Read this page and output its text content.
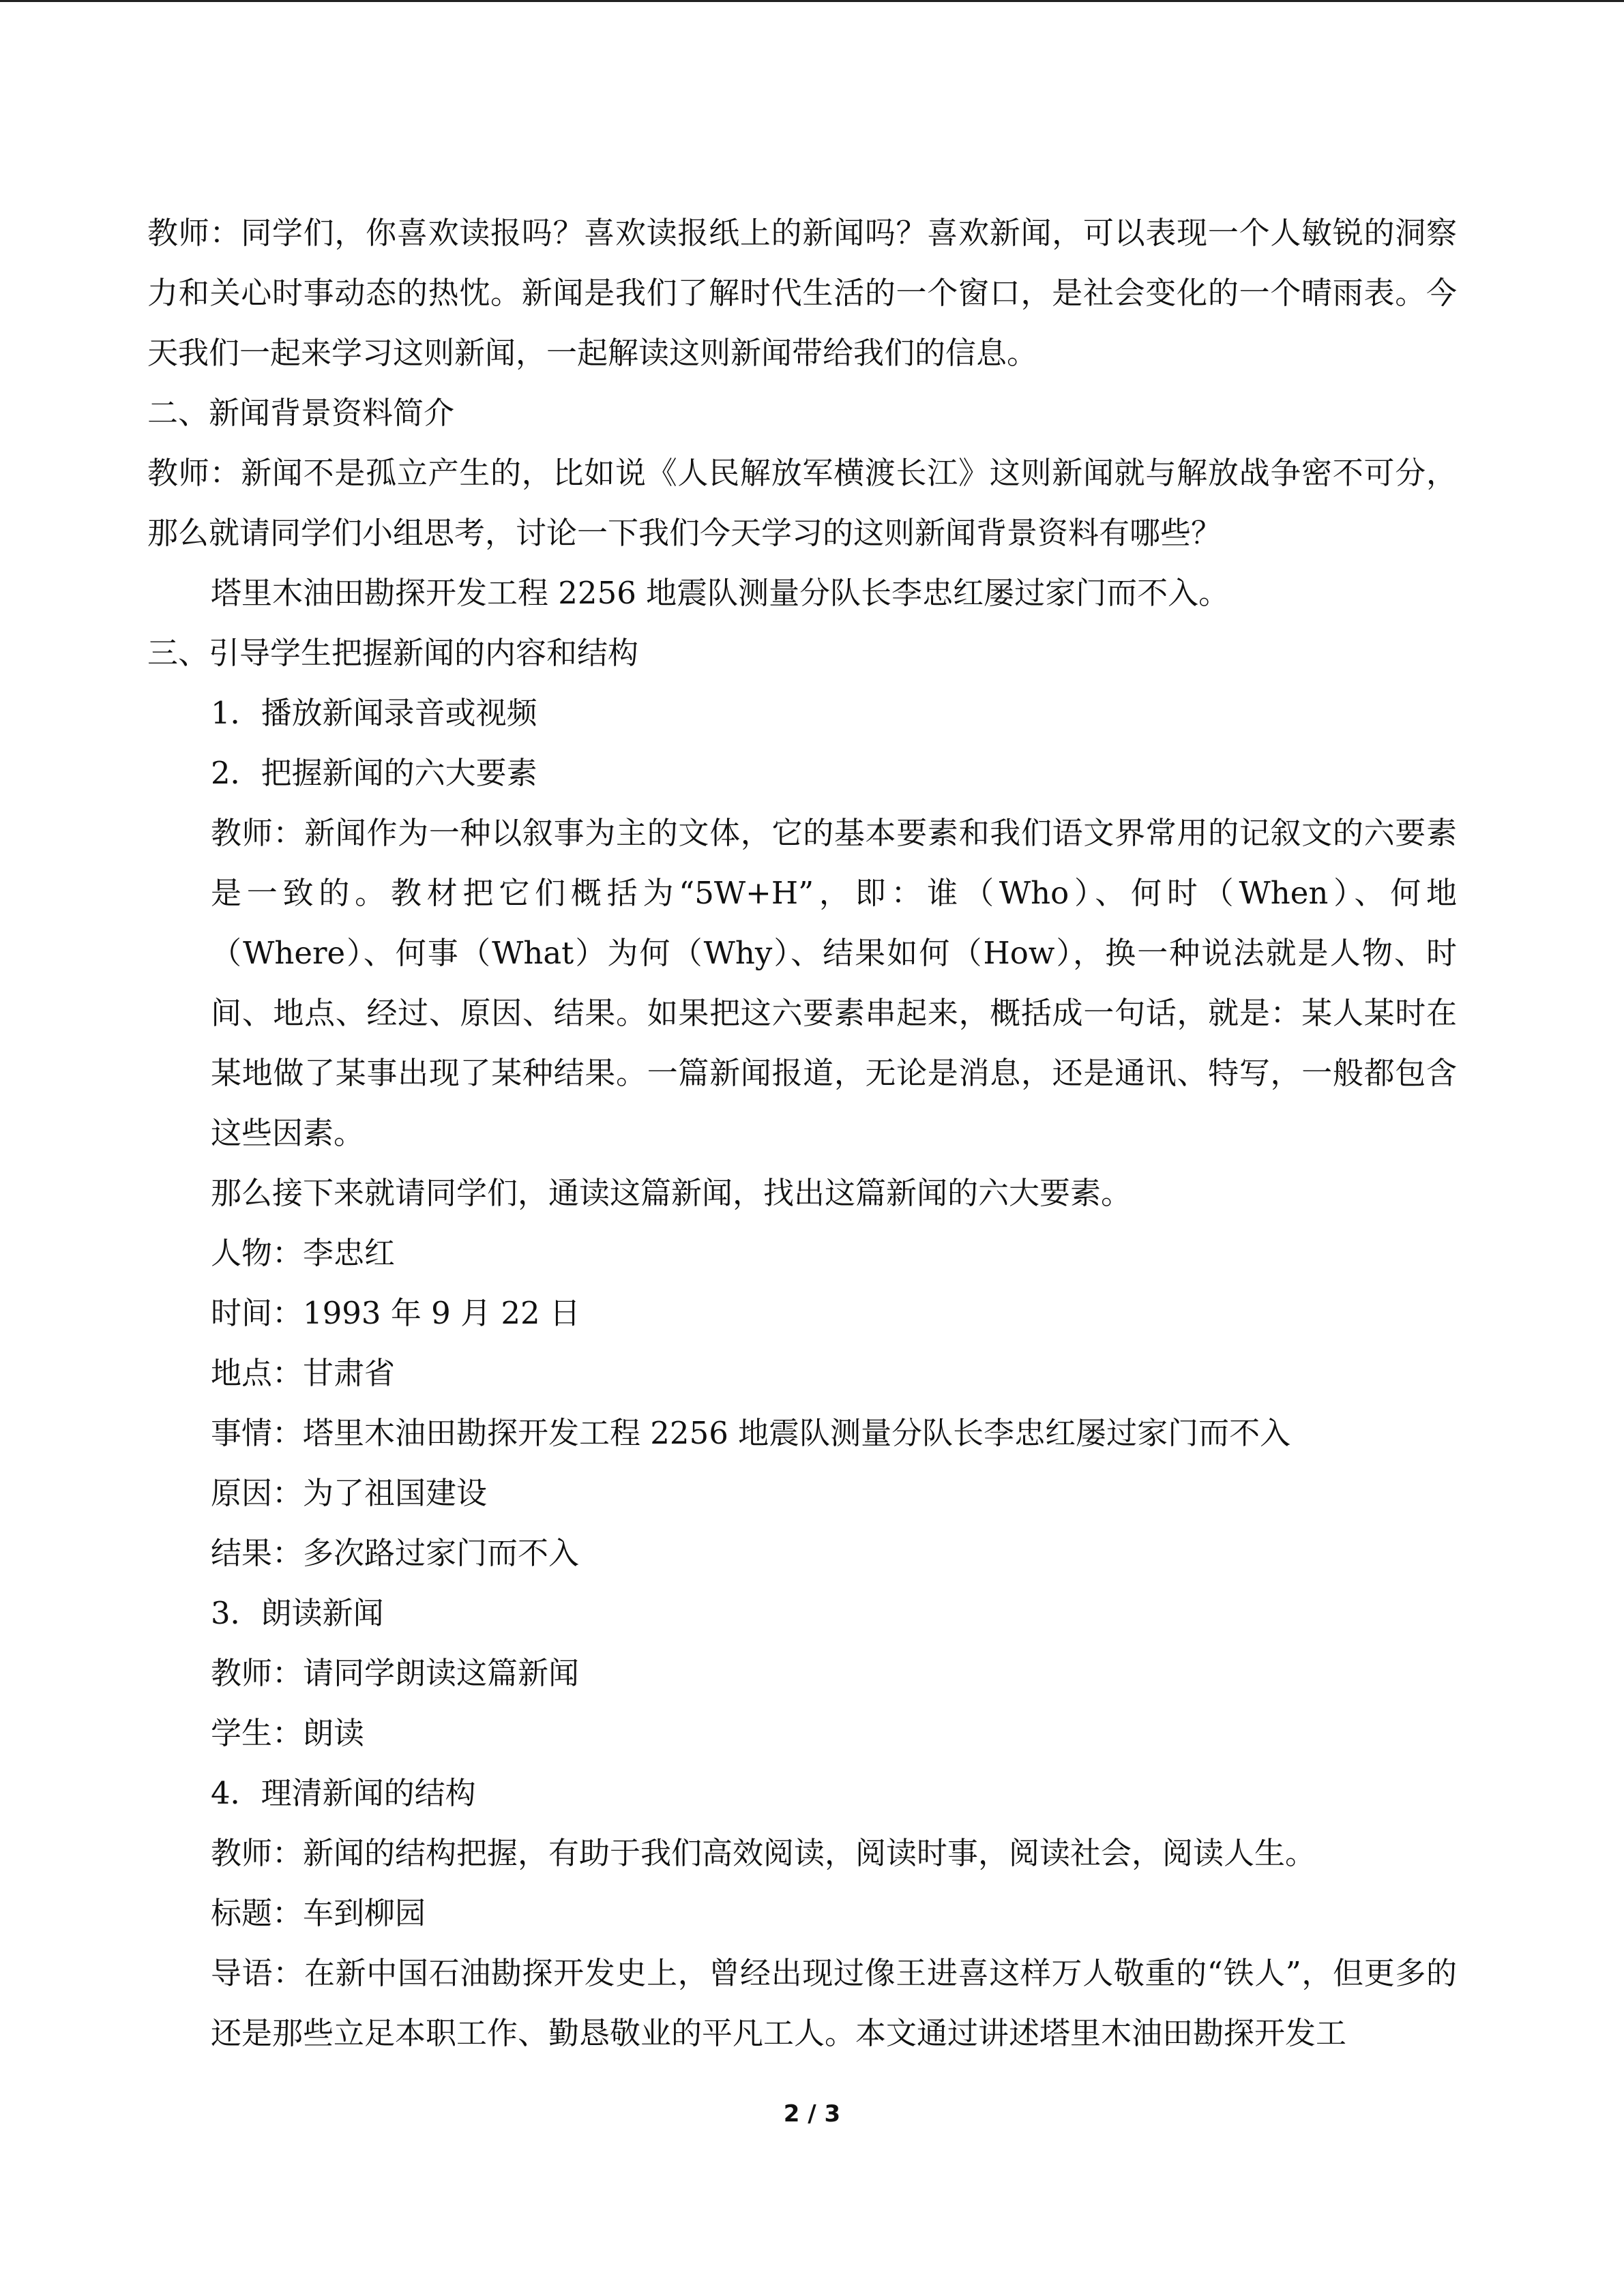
教师：同学们，你喜欢读报吗？喜欢读报纸上的新闻吗？喜欢新闻，可以表现一个人敏锐的洞察力和关心时事动态的热忱。新闻是我们了解时代生活的一个窗口，是社会变化的一个晴雨表。今天我们一起来学习这则新闻，一起解读这则新闻带给我们的信息。

二、新闻背景资料简介

教师：新闻不是孤立产生的，比如说《人民解放军横渡长江》这则新闻就与解放战争密不可分，那么就请同学们小组思考，讨论一下我们今天学习的这则新闻背景资料有哪些？

塔里木油田勘探开发工程 2256 地震队测量分队长李忠红屡过家门而不入。

三、引导学生把握新闻的内容和结构

1．播放新闻录音或视频

2．把握新闻的六大要素

教师：新闻作为一种以叙事为主的文体，它的基本要素和我们语文界常用的记叙文的六要素是一致的。教材把它们概括为“5W+H”，即：谁（Who）、何时（When）、何地（Where）、何事（What）为何（Why）、结果如何（How），换一种说法就是人物、时间、地点、经过、原因、结果。如果把这六要素串起来，概括成一句话，就是：某人某时在某地做了某事出现了某种结果。一篇新闻报道，无论是消息，还是通讯、特写，一般都包含这些因素。

那么接下来就请同学们，通读这篇新闻，找出这篇新闻的六大要素。

人物：李忠红

时间：1993 年 9 月 22 日

地点：甘肃省

事情：塔里木油田勘探开发工程 2256 地震队测量分队长李忠红屡过家门而不入

原因：为了祖国建设

结果：多次路过家门而不入

3．朗读新闻

教师：请同学朗读这篇新闻

学生：朗读

4．理清新闻的结构

教师：新闻的结构把握，有助于我们高效阅读，阅读时事，阅读社会，阅读人生。

标题：车到柳园

导语：在新中国石油勘探开发史上，曾经出现过像王进喜这样万人敬重的“铁人”，但更多的还是那些立足本职工作、勤恳敬业的平凡工人。本文通过讲述塔里木油田勘探开发工

2 / 3
